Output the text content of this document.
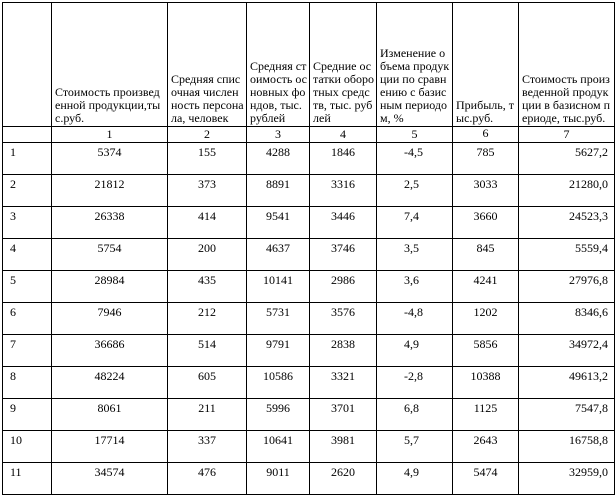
	Стоимость произведенной продукции,тыс.руб.	Средняя списочная численность персонала, человек	Средняя стоимость основных фондов, тыс. рублей	Средние остатки оборотных средств, тыс. рублей	Изменение объема продукции по сравнению с базисным периодом, %	Прибыль, тыс.руб.	Стоимость произведенной продукции в базисном периоде, тыс.руб.
	1	2	3	4	5	6	7
1	5374	155	4288	1846	-4,5	785	5627,2
2	21812	373	8891	3316	2,5	3033	21280,0
3	26338	414	9541	3446	7,4	3660	24523,3
4	5754	200	4637	3746	3,5	845	5559,4
5	28984	435	10141	2986	3,6	4241	27976,8
6	7946	212	5731	3576	-4,8	1202	8346,6
7	36686	514	9791	2838	4,9	5856	34972,4
8	48224	605	10586	3321	-2,8	10388	49613,2
9	8061	211	5996	3701	6,8	1125	7547,8
10	17714	337	10641	3981	5,7	2643	16758,8
11	34574	476	9011	2620	4,9	5474	32959,0
